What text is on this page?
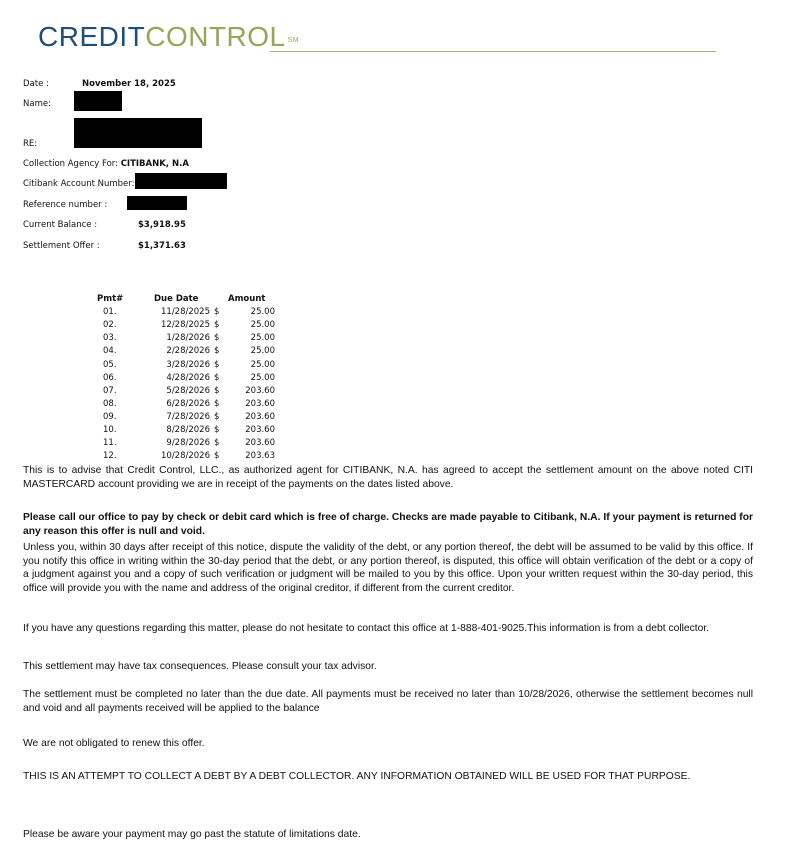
CREDITCONTROL ℠
Date :	November 18, 2025
Name:
RE:
Collection Agency For: CITIBANK, N.A
Citibank Account Number:
Reference number :
Current Balance :	$3,918.95
Settlement Offer :	$1,371.63
Pmt#	Due Date	Amount
01.	11/28/2025 $	25.00
02.	12/28/2025 $	25.00
03.	1/28/2026 $	25.00
04.	2/28/2026 $	25.00
05.	3/28/2026 $	25.00
06.	4/28/2026 $	25.00
07.	5/28/2026 $	203.60
08.	6/28/2026 $	203.60
09.	7/28/2026 $	203.60
10.	8/28/2026 $	203.60
11.	9/28/2026 $	203.60
12.	10/28/2026 $	203.63
This is to advise that Credit Control, LLC., as authorized agent for CITIBANK, N.A. has agreed to accept the settlement amount on the above noted CITI MASTERCARD account providing we are in receipt of the payments on the dates listed above.
Please call our office to pay by check or debit card which is free of charge. Checks are made payable to Citibank, N.A. If your payment is returned for any reason this offer is null and void.
Unless you, within 30 days after receipt of this notice, dispute the validity of the debt, or any portion thereof, the debt will be assumed to be valid by this office. If you notify this office in writing within the 30-day period that the debt, or any portion thereof, is disputed, this office will obtain verification of the debt or a copy of a judgment against you and a copy of such verification or judgment will be mailed to you by this office. Upon your written request within the 30-day period, this office will provide you with the name and address of the original creditor, if different from the current creditor.
If you have any questions regarding this matter, please do not hesitate to contact this office at 1-888-401-9025.This information is from a debt collector.
This settlement may have tax consequences. Please consult your tax advisor.
The settlement must be completed no later than the due date. All payments must be received no later than 10/28/2026, otherwise the settlement becomes null and void and all payments received will be applied to the balance
We are not obligated to renew this offer.
THIS IS AN ATTEMPT TO COLLECT A DEBT BY A DEBT COLLECTOR. ANY INFORMATION OBTAINED WILL BE USED FOR THAT PURPOSE.
Please be aware your payment may go past the statute of limitations date.
